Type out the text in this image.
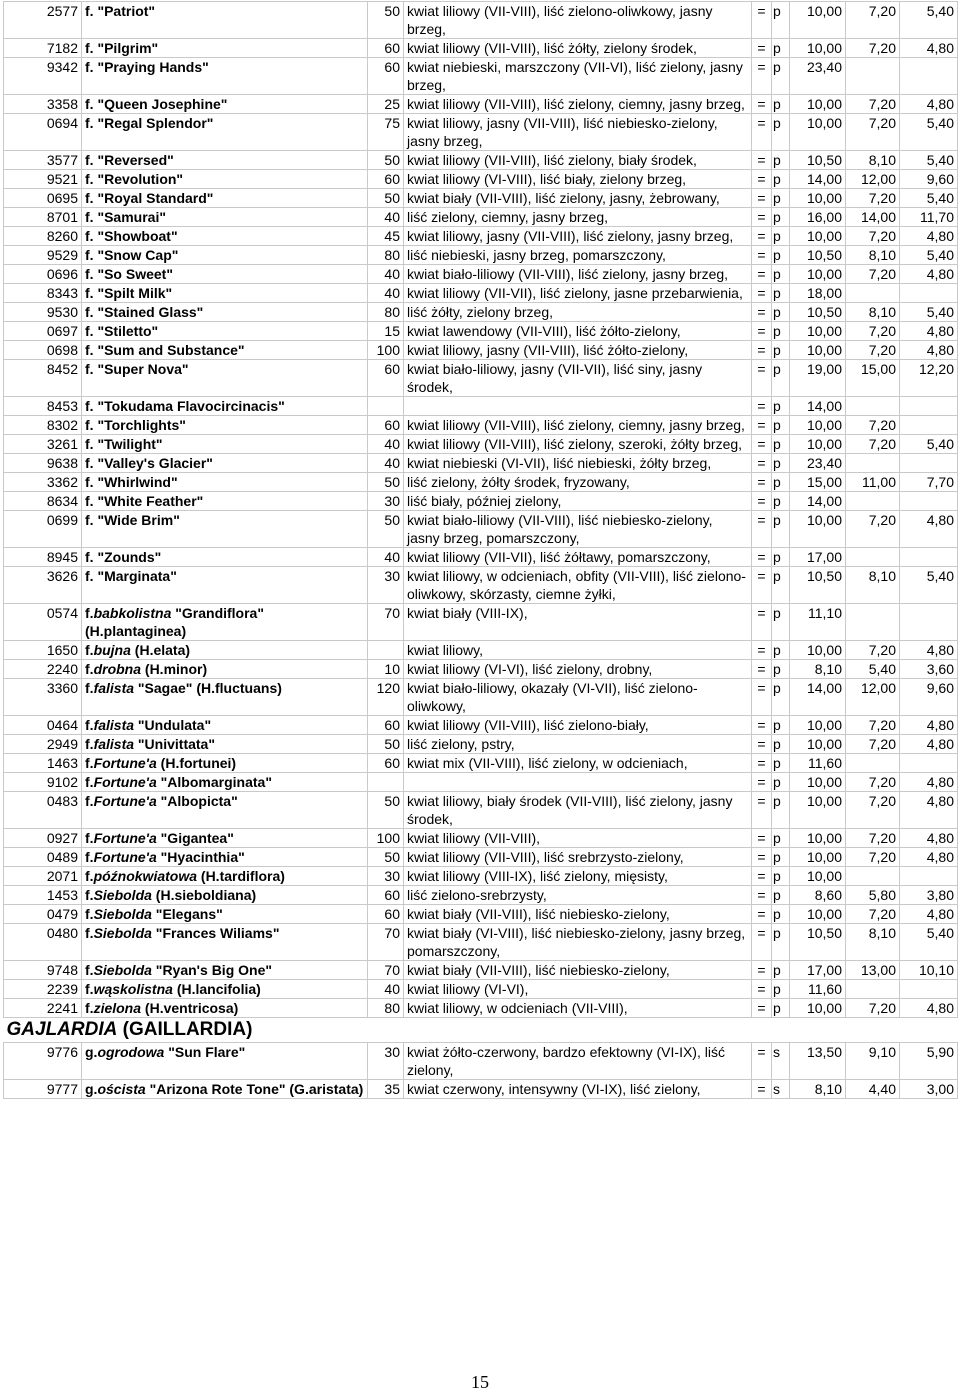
2577	f. "Patriot"	50	kwiat liliowy (VII-VIII), liść zielono-oliwkowy, jasny brzeg,	=	p	10,00	7,20	5,40
7182	f. "Pilgrim"	60	kwiat liliowy (VII-VIII), liść żółty, zielony środek,	=	p	10,00	7,20	4,80
9342	f. "Praying Hands"	60	kwiat niebieski, marszczony (VII-VI), liść zielony, jasny brzeg,	=	p	23,40		
3358	f. "Queen Josephine"	25	kwiat liliowy (VII-VIII), liść zielony, ciemny, jasny brzeg,	=	p	10,00	7,20	4,80
0694	f. "Regal Splendor"	75	kwiat liliowy, jasny (VII-VIII), liść niebiesko-zielony, jasny brzeg,	=	p	10,00	7,20	5,40
3577	f. "Reversed"	50	kwiat liliowy (VII-VIII), liść zielony, biały środek,	=	p	10,50	8,10	5,40
9521	f. "Revolution"	60	kwiat liliowy (VI-VIII), liść biały, zielony brzeg,	=	p	14,00	12,00	9,60
0695	f. "Royal Standard"	50	kwiat biały (VII-VIII), liść zielony, jasny, żebrowany,	=	p	10,00	7,20	5,40
8701	f. "Samurai"	40	liść zielony, ciemny, jasny brzeg,	=	p	16,00	14,00	11,70
8260	f. "Showboat"	45	kwiat liliowy, jasny (VII-VIII), liść zielony, jasny brzeg,	=	p	10,00	7,20	4,80
9529	f. "Snow Cap"	80	liść niebieski, jasny brzeg, pomarszczony,	=	p	10,50	8,10	5,40
0696	f. "So Sweet"	40	kwiat biało-liliowy (VII-VIII), liść zielony, jasny brzeg,	=	p	10,00	7,20	4,80
8343	f. "Spilt Milk"	40	kwiat liliowy (VII-VII), liść zielony, jasne przebarwienia,	=	p	18,00		
9530	f. "Stained Glass"	80	liść żółty, zielony brzeg,	=	p	10,50	8,10	5,40
0697	f. "Stiletto"	15	kwiat lawendowy (VII-VIII), liść żółto-zielony,	=	p	10,00	7,20	4,80
0698	f. "Sum and Substance"	100	kwiat liliowy, jasny (VII-VIII), liść żółto-zielony,	=	p	10,00	7,20	4,80
8452	f. "Super Nova"	60	kwiat biało-liliowy, jasny (VII-VII), liść siny, jasny środek,	=	p	19,00	15,00	12,20
8453	f. "Tokudama Flavocircinacis"			=	p	14,00		
8302	f. "Torchlights"	60	kwiat liliowy (VII-VIII), liść zielony, ciemny, jasny brzeg,	=	p	10,00	7,20	
3261	f. "Twilight"	40	kwiat liliowy (VII-VIII), liść zielony, szeroki, żółty brzeg,	=	p	10,00	7,20	5,40
9638	f. "Valley's Glacier"	40	kwiat niebieski (VI-VII), liść niebieski, żółty brzeg,	=	p	23,40		
3362	f. "Whirlwind"	50	liść zielony, żółty środek, fryzowany,	=	p	15,00	11,00	7,70
8634	f. "White Feather"	30	liść biały, później zielony,	=	p	14,00		
0699	f. "Wide Brim"	50	kwiat biało-liliowy (VII-VIII), liść niebiesko-zielony, jasny brzeg, pomarszczony,	=	p	10,00	7,20	4,80
8945	f. "Zounds"	40	kwiat liliowy (VII-VII), liść żółtawy, pomarszczony,	=	p	17,00		
3626	f. "Marginata"	30	kwiat liliowy, w odcieniach, obfity (VII-VIII), liść zielono-oliwkowy, skórzasty, ciemne żyłki,	=	p	10,50	8,10	5,40
0574	f.babkolistna "Grandiflora" (H.plantaginea)	70	kwiat biały (VIII-IX),	=	p	11,10		
1650	f.bujna (H.elata)		kwiat liliowy,	=	p	10,00	7,20	4,80
2240	f.drobna (H.minor)	10	kwiat liliowy (VI-VI), liść zielony, drobny,	=	p	8,10	5,40	3,60
3360	f.falista "Sagae" (H.fluctuans)	120	kwiat biało-liliowy, okazały (VI-VII), liść zielono-oliwkowy,	=	p	14,00	12,00	9,60
0464	f.falista "Undulata"	60	kwiat liliowy (VII-VIII), liść zielono-biały,	=	p	10,00	7,20	4,80
2949	f.falista "Univittata"	50	liść zielony, pstry,	=	p	10,00	7,20	4,80
1463	f.Fortune'a (H.fortunei)	60	kwiat mix (VII-VIII), liść zielony, w odcieniach,	=	p	11,60		
9102	f.Fortune'a "Albomarginata"			=	p	10,00	7,20	4,80
0483	f.Fortune'a "Albopicta"	50	kwiat liliowy, biały środek (VII-VIII), liść zielony, jasny środek,	=	p	10,00	7,20	4,80
0927	f.Fortune'a "Gigantea"	100	kwiat liliowy (VII-VIII),	=	p	10,00	7,20	4,80
0489	f.Fortune'a "Hyacinthia"	50	kwiat liliowy (VII-VIII), liść srebrzysto-zielony,	=	p	10,00	7,20	4,80
2071	f.późnokwiatowa (H.tardiflora)	30	kwiat liliowy (VIII-IX), liść zielony, mięsisty,	=	p	10,00		
1453	f.Siebolda (H.sieboldiana)	60	liść zielono-srebrzysty,	=	p	8,60	5,80	3,80
0479	f.Siebolda "Elegans"	60	kwiat biały (VII-VIII), liść niebiesko-zielony,	=	p	10,00	7,20	4,80
0480	f.Siebolda "Frances Wiliams"	70	kwiat biały (VI-VIII), liść niebiesko-zielony, jasny brzeg, pomarszczony,	=	p	10,50	8,10	5,40
9748	f.Siebolda "Ryan's Big One"	70	kwiat biały (VII-VIII), liść niebiesko-zielony,	=	p	17,00	13,00	10,10
2239	f.wąskolistna (H.lancifolia)	40	kwiat liliowy (VI-VI),	=	p	11,60		
2241	f.zielona (H.ventricosa)	80	kwiat liliowy, w odcieniach (VII-VIII),	=	p	10,00	7,20	4,80
GAJLARDIA (GAILLARDIA)								
9776	g.ogrodowa "Sun Flare"	30	kwiat żółto-czerwony, bardzo efektowny (VI-IX), liść zielony,	=	s	13,50	9,10	5,90
9777	g.oścista "Arizona Rote Tone" (G.aristata)	35	kwiat czerwony, intensywny (VI-IX), liść zielony,	=	s	8,10	4,40	3,00
15
